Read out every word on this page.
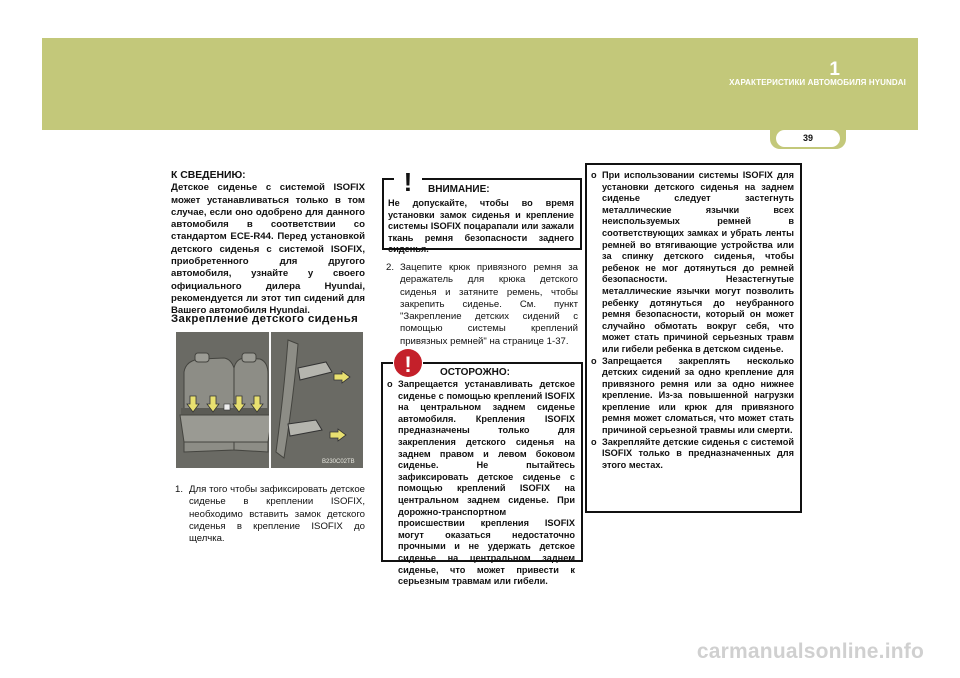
ХАРАКТЕРИСТИКИ АВТОМОБИЛЯ HYUNDAI
1
39
К СВЕДЕНИЮ:
Детское сиденье с системой ISOFIX может устанавливаться только в том случае, если оно одобрено для данного автомобиля в соответствии со стандартом ECE-R44. Перед установкой детского сиденья с системой ISOFIX, приобретенного для другого автомобиля, узнайте у своего официального дилера Hyundai, рекомендуется ли этот тип сидений для Вашего автомобиля Hyundai.
Закрепление детского сиденья
B230C02TB
1. Для того чтобы зафиксировать детское сиденье в креплении ISOFIX, необходимо вставить замок детского сиденья в крепление ISOFIX до щелчка.
! ВНИМАНИЕ:
Не допускайте, чтобы во время установки замок сиденья и крепление системы ISOFIX поцарапали или зажали ткань ремня безопасности заднего сиденья.
2. Зацепите крюк привязного ремня за деражатель для крюка детского сиденья и затяните ремень, чтобы закрепить сиденье. См. пункт "Закрепление детских сидений с помощью системы креплений привязных ремней" на странице 1-37.
!	ОСТОРОЖНО:
o Запрещается устанавливать детское сиденье с помощью креплений ISOFIX на центральном заднем сиденье автомобиля. Крепления ISOFIX предназначены только для закрепления детского сиденья на заднем правом и левом боковом сиденье. Не пытайтесь зафиксировать детское сиденье с помощью креплений ISOFIX на центральном заднем сиденье. При дорожно-транспортном происшествии крепления ISOFIX могут оказаться недостаточно прочными и не удержать детское сиденье на центральном заднем сиденье, что может привести к серьезным травмам или гибели.
o При использовании системы ISOFIX для установки детского сиденья на заднем сиденье следует застегнуть металлические язычки всех неиспользуемых ремней в соответствующих замках и убрать ленты ремней во втягивающие устройства или за спинку детского сиденья, чтобы ребенок не мог дотянуться до ремней безопасности. Незастегнутые металлические язычки могут позволить ребенку дотянуться до неубранного ремня безопасности, который он может случайно обмотать вокруг себя, что может стать причиной серьезных травм или гибели ребенка в детском сиденье.
o Запрещается закреплять несколько детских сидений за одно крепление для привязного ремня или за одно нижнее крепление. Из-за повышенной нагрузки крепление или крюк для привязного ремня может сломаться, что может стать причиной серьезной травмы или смерти.
o Закрепляйте детские сиденья с системой ISOFIX только в предназначенных для этого местах.
carmanualsonline.info
